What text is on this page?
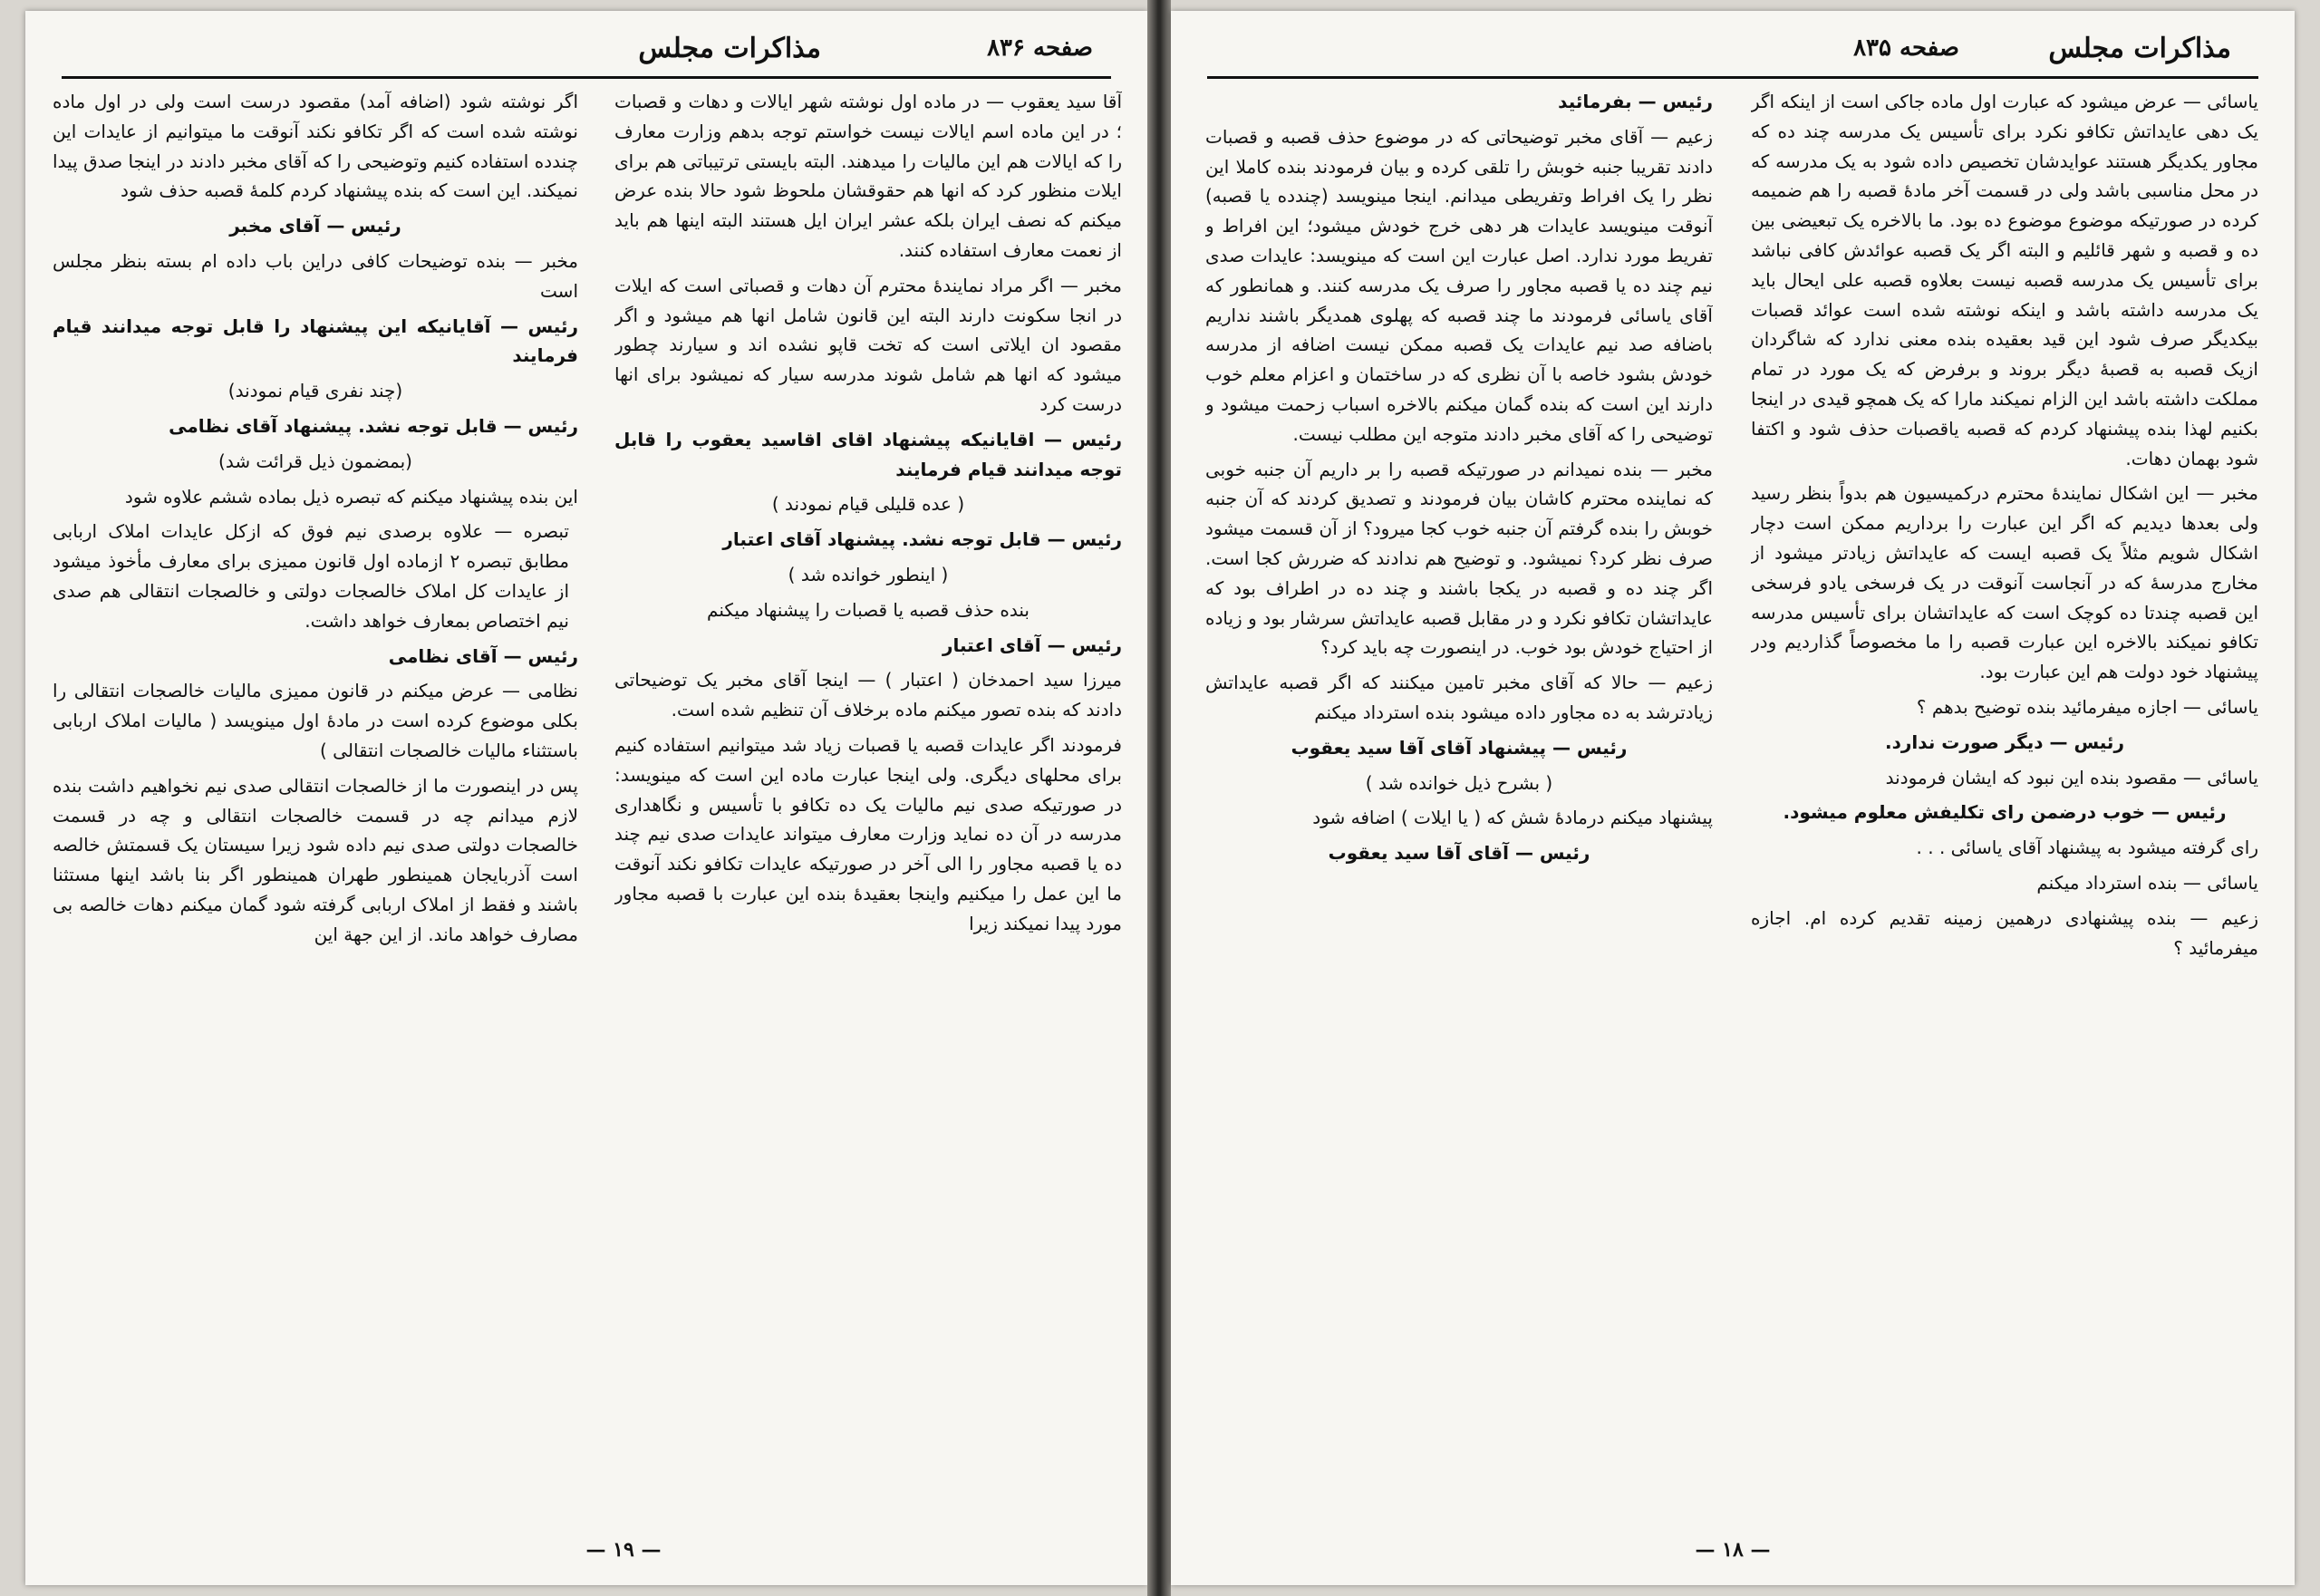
مذاکرات مجلس	صفحه ۸۳۶

آقا سید یعقوب — در ماده اول نوشته شهر ایالات و دهات و قصبات ؛ در این ماده اسم ایالات نیست خواستم توجه بدهم وزارت معارف را که ایالات هم این مالیات را میدهند. البته بایستی ترتیباتی هم برای ایلات منظور کرد که انها هم حقوقشان ملحوظ شود حالا بنده عرض میکنم که نصف ایران بلکه عشر ایران ایل هستند البته اینها هم باید از نعمت معارف استفاده کنند.

مخبر — اگر مراد نمایندهٔ محترم آن دهات و قصباتی است که ایلات در انجا سکونت دارند البته این قانون شامل انها هم میشود و اگر مقصود ان ایلاتی است که تخت قاپو نشده اند و سیارند چطور میشود که انها هم شامل شوند مدرسه سیار که نمیشود برای انها درست کرد

رئیس — اقایانیکه پیشنهاد اقای اقاسید یعقوب را قابل توجه میدانند قیام فرمایند

( عده قلیلی قیام نمودند )

رئیس — قابل توجه نشد. پیشنهاد آقای اعتبار

( اینطور خوانده شد )

بنده حذف قصبه یا قصبات را پیشنهاد میکنم

رئیس — آقای اعتبار

میرزا سید احمدخان ( اعتبار ) — اینجا آقای مخبر یک توضیحاتی دادند که بنده تصور میکنم ماده برخلاف آن تنظیم شده است.

فرمودند اگر عایدات قصبه یا قصبات زیاد شد میتوانیم استفاده کنیم برای محلهای دیگری. ولی اینجا عبارت ماده این است که مینویسد: در صورتیکه صدی نیم مالیات یک ده تکافو با تأسیس و نگاهداری مدرسه در آن ده نماید وزارت معارف میتواند عایدات صدی نیم چند ده یا قصبه مجاور را الی آخر در صورتیکه عایدات تکافو نکند آنوقت ما این عمل را میکنیم واینجا بعقیدهٔ بنده این عبارت با قصبه مجاور مورد پیدا نمیکند زیرا

اگر نوشته شود (اضافه آمد) مقصود درست است ولی در اول ماده نوشته شده است که اگر تکافو نکند آنوقت ما میتوانیم از عایدات این چندده استفاده کنیم وتوضیحی را که آقای مخبر دادند در اینجا صدق پیدا نمیکند. این است که بنده پیشنهاد کردم کلمهٔ قصبه حذف شود

رئیس — آقای مخبر

مخبر — بنده توضیحات کافی دراین باب داده ام بسته بنظر مجلس است

رئیس — آقایانیکه این پیشنهاد را قابل توجه میدانند قیام فرمایند

(چند نفری قیام نمودند)

رئیس — قابل توجه نشد. پیشنهاد آقای نظامی

(بمضمون ذیل قرائت شد)

این بنده پیشنهاد میکنم که تبصره ذیل بماده ششم علاوه شود

تبصره — علاوه برصدی نیم فوق که ازکل عایدات املاک اربابی مطابق تبصره ۲ ازماده اول قانون ممیزی برای معارف مأخوذ میشود از عایدات کل املاک خالصجات دولتی و خالصجات انتقالی هم صدی نیم اختصاص بمعارف خواهد داشت.

رئیس — آقای نظامی

نظامی — عرض میکنم در قانون ممیزی مالیات خالصجات انتقالی را بکلی موضوع کرده است در مادهٔ اول مینویسد ( مالیات املاک اربابی باستثناء مالیات خالصجات انتقالی )

پس در اینصورت ما از خالصجات انتقالی صدی نیم نخواهیم داشت بنده لازم میدانم چه در قسمت خالصجات انتقالی و چه در قسمت خالصجات دولتی صدی نیم داده شود زیرا سیستان یک قسمتش خالصه است آذربایجان همینطور طهران همینطور اگر بنا باشد اینها مستثنا باشند و فقط از املاک اربابی گرفته شود گمان میکنم دهات خالصه بی مصارف خواهد ماند. از این جهة این

— ۱۹ —
مذاکرات مجلس
صفحه ۸۳۵

یاسائی — عرض میشود که عبارت اول ماده جاکی است از اینکه اگر یک دهی عایداتش تکافو نکرد برای تأسیس یک مدرسه چند ده که مجاور یکدیگر هستند عوایدشان تخصیص داده شود به یک مدرسه که در محل مناسبی باشد ولی در قسمت آخر مادهٔ قصبه را هم ضمیمه کرده در صورتیکه موضوع موضوع ده بود. ما بالاخره یک تبعیضی بین ده و قصبه و شهر قائلیم و البته اگر یک قصبه عوائدش کافی نباشد برای تأسیس یک مدرسه قصبه نیست بعلاوه قصبه علی ایحال باید یک مدرسه داشته باشد و اینکه نوشته شده است عوائد قصبات بیکدیگر صرف شود این قید بعقیده بنده معنی ندارد که شاگردان ازیک قصبه به قصبهٔ دیگر بروند و برفرض که یک مورد در تمام مملکت داشته باشد این الزام نمیکند مارا که یک همچو قیدی در اینجا بکنیم لهذا بنده پیشنهاد کردم که قصبه یاقصبات حذف شود و اکتفا شود بهمان دهات.

مخبر — این اشکال نمایندهٔ محترم درکمیسیون هم بدواً بنظر رسید ولی بعدها دیدیم که اگر این عبارت را برداریم ممکن است دچار اشکال شویم مثلاً یک قصبه ایست که عایداتش زیادتر میشود از مخارج مدرسهٔ که در آنجاست آنوقت در یک فرسخی یادو فرسخی این قصبه چندتا ده کوچک است که عایداتشان برای تأسیس مدرسه تکافو نمیکند بالاخره این عبارت قصبه را ما مخصوصاً گذاردیم ودر پیشنهاد خود دولت هم این عبارت بود.

یاسائی — اجازه میفرمائید بنده توضیح بدهم ؟

رئیس — دیگر صورت ندارد.

یاسائی — مقصود بنده این نبود که ایشان فرمودند

رئیس — خوب درضمن رای تکلیفش معلوم میشود.

رای گرفته میشود به پیشنهاد آقای یاسائی . . .

یاسائی — بنده استرداد میکنم

زعیم — بنده پیشنهادی درهمین زمینه تقدیم کرده ام. اجازه میفرمائید ؟

رئیس — بفرمائید

زعیم — آقای مخبر توضیحاتی که در موضوع حذف قصبه و قصبات دادند تقریبا جنبه خوبش را تلقی کرده و بیان فرمودند بنده کاملا این نظر را یک افراط وتفریطی میدانم. اینجا مینویسد (چندده یا قصبه) آنوقت مینویسد عایدات هر دهی خرج خودش میشود؛ این افراط و تفریط مورد ندارد. اصل عبارت این است که مینویسد: عایدات صدی نیم چند ده یا قصبه مجاور را صرف یک مدرسه کنند. و همانطور که آقای یاسائی فرمودند ما چند قصبه که پهلوی همدیگر باشند نداریم باضافه صد نیم عایدات یک قصبه ممکن نیست اضافه از مدرسه خودش بشود خاصه با آن نظری که در ساختمان و اعزام معلم خوب دارند این است که بنده گمان میکنم بالاخره اسباب زحمت میشود و توضیحی را که آقای مخبر دادند متوجه این مطلب نیست.

مخبر — بنده نمیدانم در صورتیکه قصبه را بر داریم آن جنبه خوبی که نماینده محترم کاشان بیان فرمودند و تصدیق کردند که آن جنبه خوبش را بنده گرفتم آن جنبه خوب کجا میرود؟ از آن قسمت میشود صرف نظر کرد؟ نمیشود. و توضیح هم ندادند که ضررش کجا است. اگر چند ده و قصبه در یکجا باشند و چند ده در اطراف بود که عایداتشان تکافو نکرد و در مقابل قصبه عایداتش سرشار بود و زیاده از احتیاج خودش بود خوب. در اینصورت چه باید کرد؟

زعیم — حالا که آقای مخبر تامین میکنند که اگر قصبه عایداتش زیادترشد به ده مجاور داده میشود بنده استرداد میکنم

رئیس — پیشنهاد آقای آقا سید یعقوب

( بشرح ذیل خوانده شد )

پیشنهاد میکنم درمادهٔ شش که ( یا ایلات ) اضافه شود

رئیس — آقای آقا سید یعقوب

— ۱۸ —
